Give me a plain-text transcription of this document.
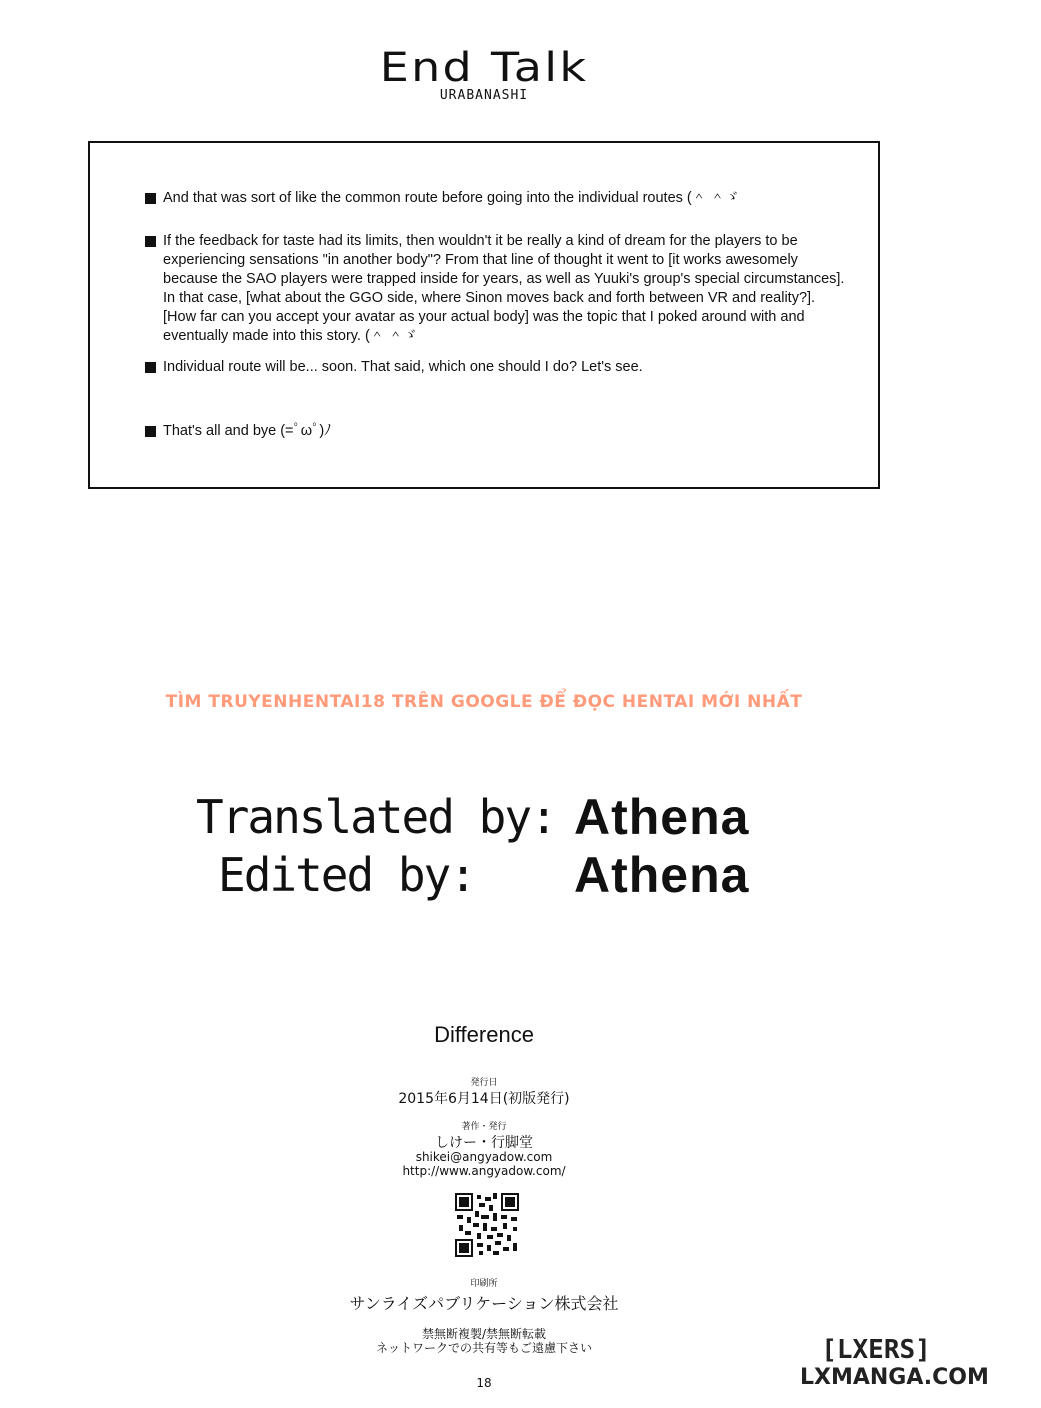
End Talk
URABANASHI
And that was sort of like the common route before going into the individual routes (＾ ＾ゞ
If the feedback for taste had its limits, then wouldn't it be really a kind of dream for the players to be experiencing sensations "in another body"? From that line of thought it went to [it works awesomely because the SAO players were trapped inside for years, as well as Yuuki's group's special circumstances]. In that case, [what about the GGO side, where Sinon moves back and forth between VR and reality?]. [How far can you accept your avatar as your actual body] was the topic that I poked around with and eventually made into this story. (＾ ＾ゞ
Individual route will be... soon. That said, which one should I do? Let's see.
That's all and bye (=ﾟωﾟ)ﾉ
TÌM TRUYENHENTAI18 TRÊN GOOGLE ĐỂ ĐỌC HENTAI MỚI NHẤT
Translated by: Athena
Edited by: Athena
Difference
発行日
2015年6月14日(初版発行)
著作・発行
しけー・行脚堂
shikei@angyadow.com
http://www.angyadow.com/
印刷所
サンライズパブリケーション株式会社
禁無断複製/禁無断転載
ネットワークでの共有等もご遠慮下さい
18
[LXERS]
LXMANGA.COM
